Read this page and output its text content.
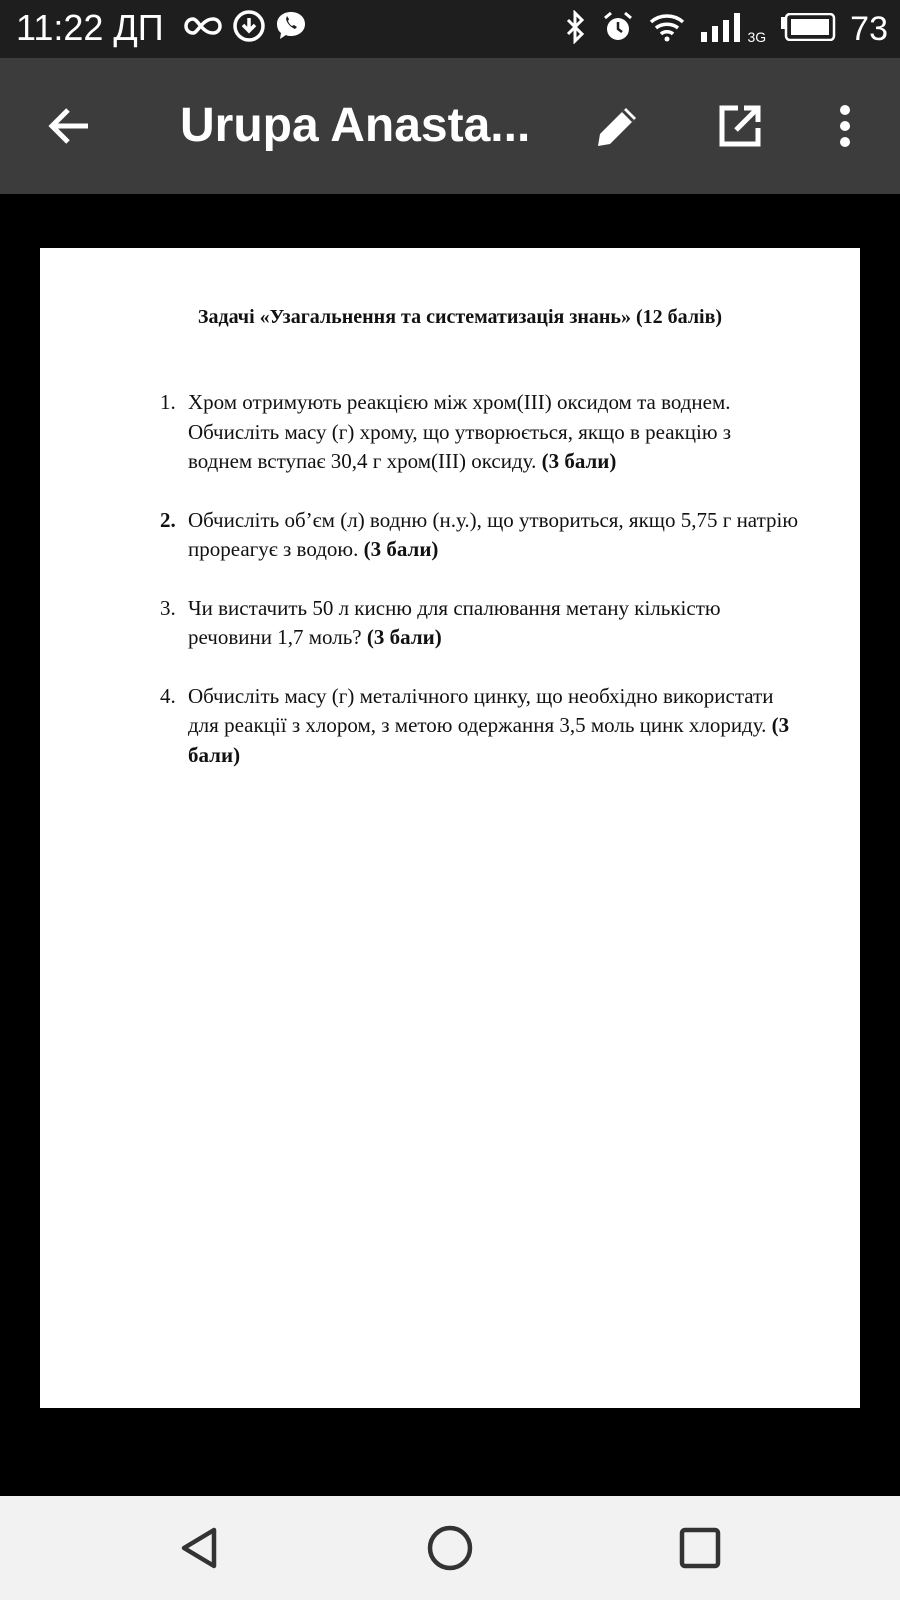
11:22 ДП	3G 73
Urupa Anasta...
Задачі «Узагальнення та систематизація знань» (12 балів)
1. Хром отримують реакцією між хром(ІІІ) оксидом та воднем. Обчисліть масу (г) хрому, що утворюється, якщо в реакцію з воднем вступає 30,4 г хром(ІІІ) оксиду. (3 бали)
2. Обчисліть об’єм (л) водню (н.у.), що утвориться, якщо 5,75 г натрію прореагує з водою. (3 бали)
3. Чи вистачить 50 л кисню для спалювання метану кількістю речовини 1,7 моль? (3 бали)
4. Обчисліть масу (г) металічного цинку, що необхідно використати для реакції з хлором, з метою одержання 3,5 моль цинк хлориду. (3 бали)
